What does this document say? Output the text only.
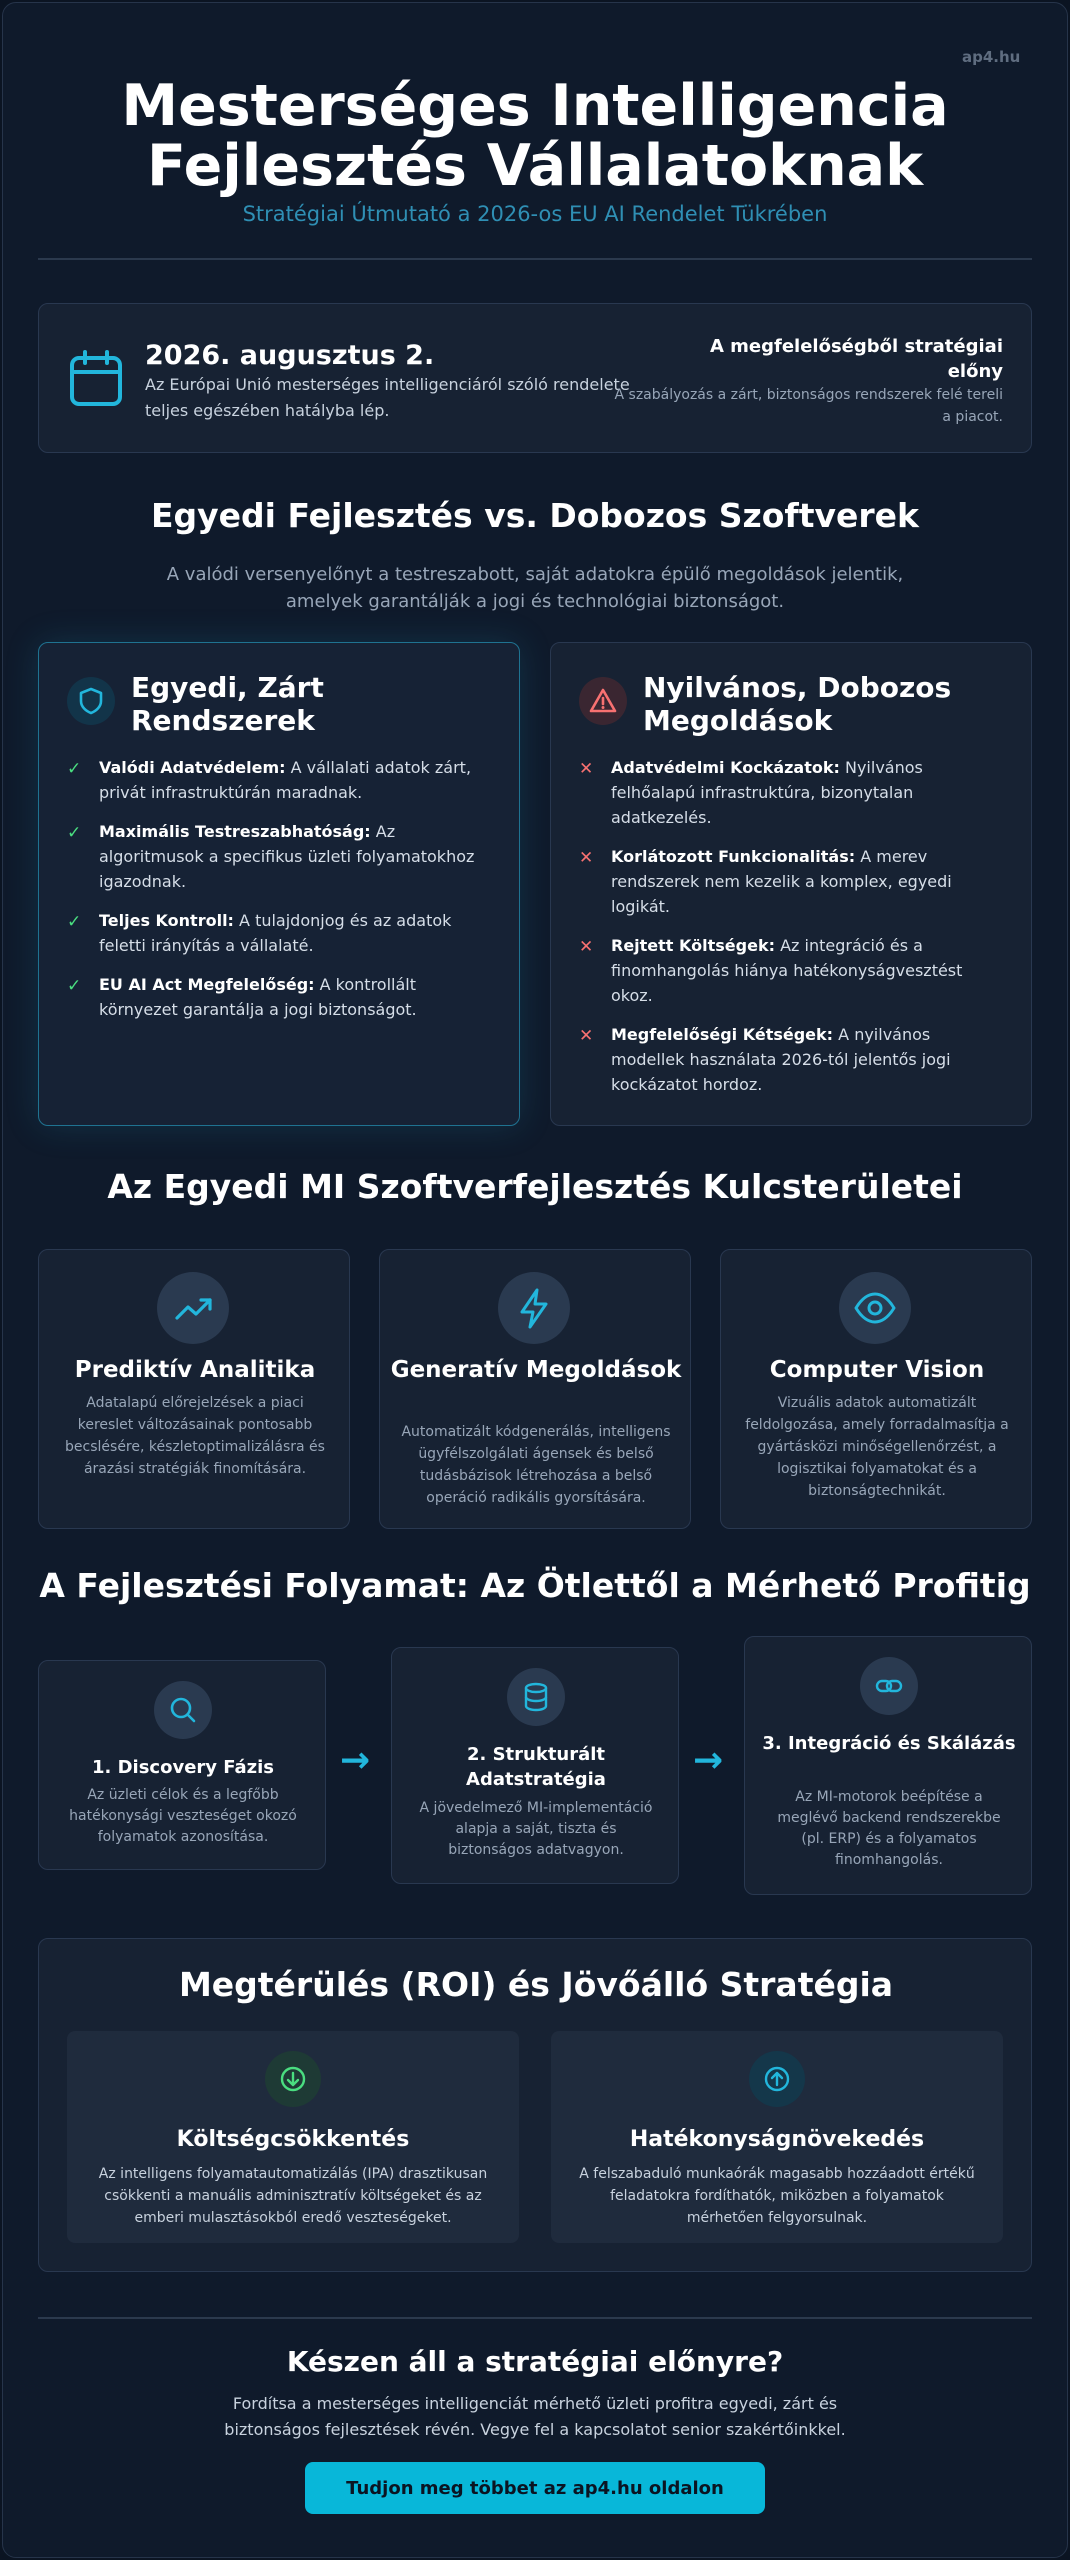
ap4.hu
Mesterséges Intelligencia
Fejlesztés Vállalatoknak
Stratégiai Útmutató a 2026-os EU AI Rendelet Tükrében
2026. augusztus 2.
Az Európai Unió mesterséges intelligenciáról szóló rendelete teljes egészében hatályba lép.
A megfelelőségből stratégiai előny
A szabályozás a zárt, biztonságos rendszerek felé tereli a piacot.
Egyedi Fejlesztés vs. Dobozos Szoftverek
A valódi versenyelőnyt a testreszabott, saját adatokra épülő megoldások jelentik, amelyek garantálják a jogi és technológiai biztonságot.
Egyedi, Zárt Rendszerek
✓	Valódi Adatvédelem: A vállalati adatok zárt, privát infrastruktúrán maradnak.
✓	Maximális Testreszabhatóság: Az algoritmusok a specifikus üzleti folyamatokhoz igazodnak.
✓	Teljes Kontroll: A tulajdonjog és az adatok feletti irányítás a vállalaté.
✓	EU AI Act Megfelelőség: A kontrollált környezet garantálja a jogi biztonságot.
Nyilvános, Dobozos Megoldások
✕	Adatvédelmi Kockázatok: Nyilvános felhőalapú infrastruktúra, bizonytalan adatkezelés.
✕	Korlátozott Funkcionalitás: A merev rendszerek nem kezelik a komplex, egyedi logikát.
✕	Rejtett Költségek: Az integráció és a finomhangolás hiánya hatékonyságvesztést okoz.
✕	Megfelelőségi Kétségek: A nyilvános modellek használata 2026-tól jelentős jogi kockázatot hordoz.
Az Egyedi MI Szoftverfejlesztés Kulcsterületei
Prediktív Analitika
Adatalapú előrejelzések a piaci kereslet változásainak pontosabb becslésére, készletoptimalizálásra és árazási stratégiák finomítására.
Generatív Megoldások
Automatizált kódgenerálás, intelligens ügyfélszolgálati ágensek és belső tudásbázisok létrehozása a belső operáció radikális gyorsítására.
Computer Vision
Vizuális adatok automatizált feldolgozása, amely forradalmasítja a gyártásközi minőségellenőrzést, a logisztikai folyamatokat és a biztonságtechnikát.
A Fejlesztési Folyamat: Az Ötlettől a Mérhető Profitig
1. Discovery Fázis
Az üzleti célok és a legfőbb hatékonysági veszteséget okozó folyamatok azonosítása.
→	2. Strukturált Adatstratégia
A jövedelmező MI-implementáció alapja a saját, tiszta és biztonságos adatvagyon.
→	3. Integráció és Skálázás
Az MI-motorok beépítése a meglévő backend rendszerekbe (pl. ERP) és a folyamatos finomhangolás.
Megtérülés (ROI) és Jövőálló Stratégia
Költségcsökkentés
Az intelligens folyamatautomatizálás (IPA) drasztikusan csökkenti a manuális adminisztratív költségeket és az emberi mulasztásokból eredő veszteségeket.
Hatékonyságnövekedés
A felszabaduló munkaórák magasabb hozzáadott értékű feladatokra fordíthatók, miközben a folyamatok mérhetően felgyorsulnak.
Készen áll a stratégiai előnyre?
Fordítsa a mesterséges intelligenciát mérhető üzleti profitra egyedi, zárt és biztonságos fejlesztések révén. Vegye fel a kapcsolatot senior szakértőinkkel.
Tudjon meg többet az ap4.hu oldalon
